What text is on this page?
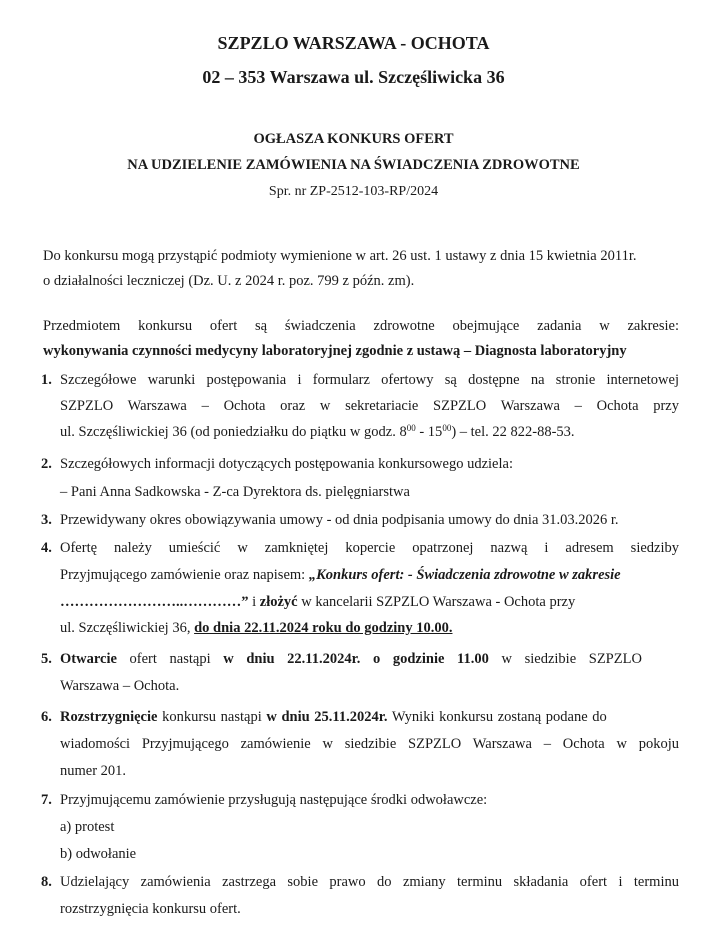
SZPZLO WARSZAWA - OCHOTA
02 – 353 Warszawa ul. Szczęśliwicka 36
OGŁASZA KONKURS OFERT
NA UDZIELENIE ZAMÓWIENIA NA ŚWIADCZENIA ZDROWOTNE
Spr. nr ZP-2512-103-RP/2024
Do konkursu mogą przystąpić podmioty wymienione w art. 26 ust. 1 ustawy z dnia 15 kwietnia 2011r.
o działalności leczniczej (Dz. U. z 2024 r. poz. 799 z późn. zm).
Przedmiotem konkursu ofert są świadczenia zdrowotne obejmujące zadania w zakresie:
wykonywania czynności medycyny laboratoryjnej zgodnie z ustawą – Diagnosta laboratoryjny
1. Szczegółowe warunki postępowania i formularz ofertowy są dostępne na stronie internetowej
SZPZLO Warszawa – Ochota oraz w sekretariacie SZPZLO Warszawa – Ochota przy
ul. Szczęśliwickiej 36 (od poniedziałku do piątku w godz. $8^{00} - 15^{00}$) – tel. 22 822-88-53.
2. Szczegółowych informacji dotyczących postępowania konkursowego udziela:
– Pani Anna Sadkowska - Z-ca Dyrektora ds. pielęgniarstwa
3. Przewidywany okres obowiązywania umowy - od dnia podpisania umowy do dnia 31.03.2026 r.
4. Ofertę należy umieścić w zamkniętej kopercie opatrzonej nazwą i adresem siedziby
Przyjmującego zamówienie oraz napisem: „Konkurs ofert: - Świadczenia zdrowotne w zakresie
……………………..…………” i złożyć w kancelarii SZPZLO Warszawa - Ochota przy
ul. Szczęśliwickiej 36, do dnia 22.11.2024 roku do godziny 10.00.
5. Otwarcie ofert nastąpi w dniu 22.11.2024r. o godzinie 11.00 w siedzibie SZPZLO
Warszawa – Ochota.
6. Rozstrzygnięcie konkursu nastąpi w dniu 25.11.2024r. Wyniki konkursu zostaną podane do
wiadomości Przyjmującego zamówienie w siedzibie SZPZLO Warszawa – Ochota w pokoju
numer 201.
7. Przyjmującemu zamówienie przysługują następujące środki odwoławcze:
a) protest
b) odwołanie
8. Udzielający zamówienia zastrzega sobie prawo do zmiany terminu składania ofert i terminu
rozstrzygnięcia konkursu ofert.
